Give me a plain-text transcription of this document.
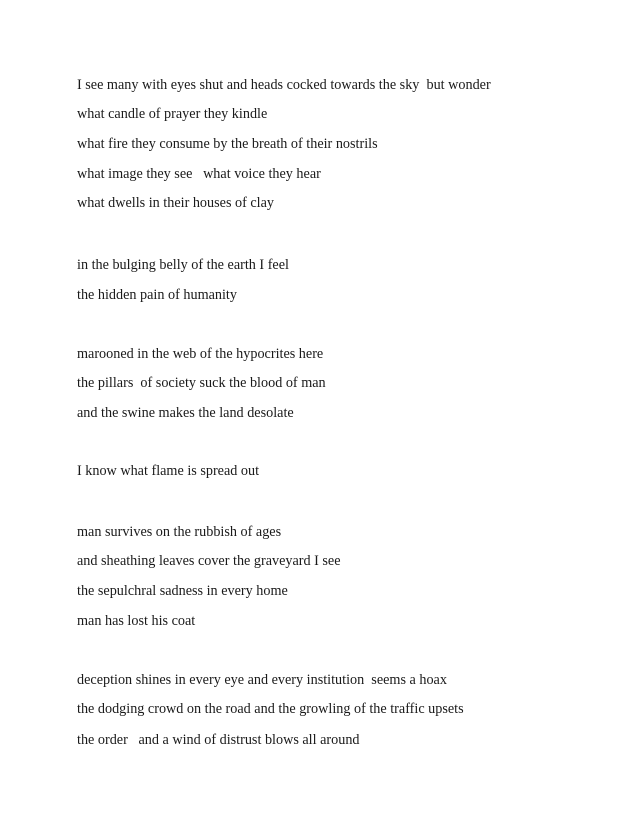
I see many with eyes shut and heads cocked towards the sky  but wonder
what candle of prayer they kindle
what fire they consume by the breath of their nostrils
what image they see   what voice they hear
what dwells in their houses of clay
in the bulging belly of the earth I feel
the hidden pain of humanity
marooned in the web of the hypocrites here
the pillars  of society suck the blood of man
and the swine makes the land desolate
I know what flame is spread out
man survives on the rubbish of ages
and sheathing leaves cover the graveyard I see
the sepulchral sadness in every home
man has lost his coat
deception shines in every eye and every institution  seems a hoax
the dodging crowd on the road and the growling of the traffic upsets
the order   and a wind of distrust blows all around
